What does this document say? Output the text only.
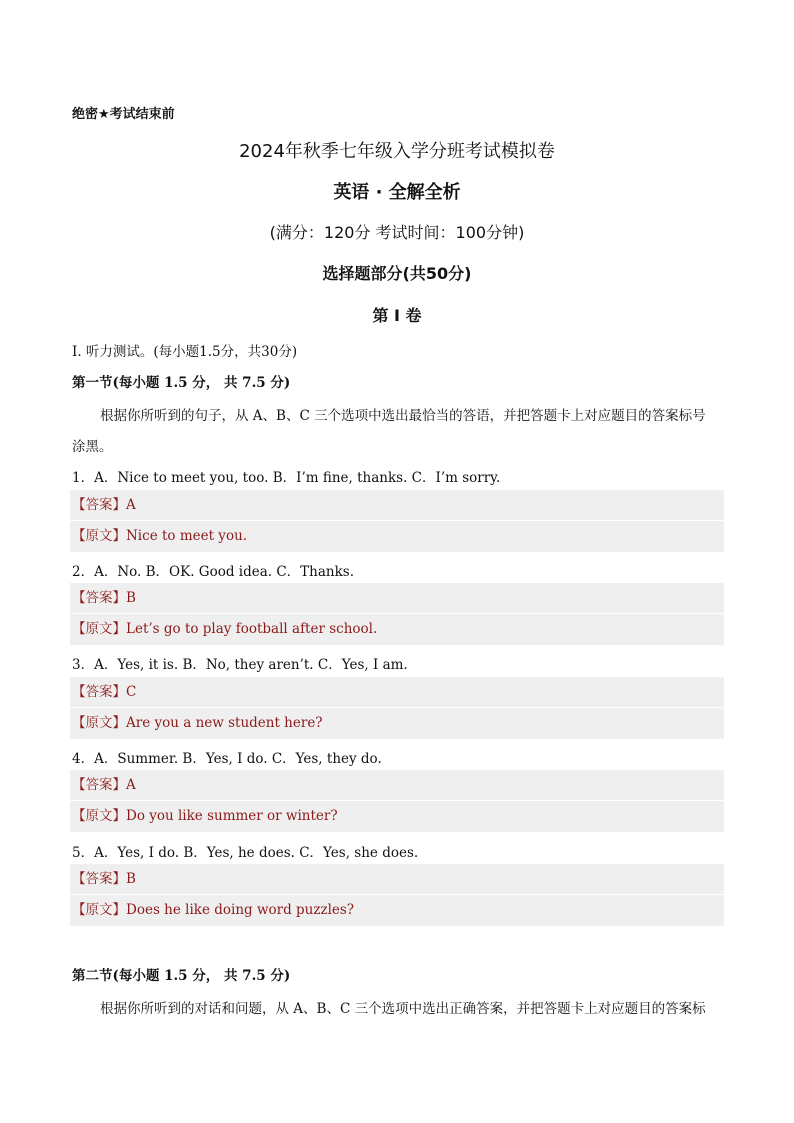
绝密★考试结束前
2024年秋季七年级入学分班考试模拟卷
英语 · 全解全析
(满分：120分 考试时间：100分钟)
选择题部分(共50分)
第 I 卷
Ⅰ. 听力测试。(每小题1.5分，共30分)
第一节(每小题 1.5 分， 共 7.5 分)
根据你所听到的句子，从 A、B、C 三个选项中选出最恰当的答语，并把答题卡上对应题目的答案标号
涂黑。
1．A．Nice to meet you, too. B．I’m fine, thanks. C．I’m sorry.
【答案】A
【原文】Nice to meet you.
2．A．No. B．OK. Good idea. C．Thanks.
【答案】B
【原文】Let’s go to play football after school.
3．A．Yes, it is. B．No, they aren’t. C．Yes, I am.
【答案】C
【原文】Are you a new student here?
4．A．Summer. B．Yes, I do. C．Yes, they do.
【答案】A
【原文】Do you like summer or winter?
5．A．Yes, I do. B．Yes, he does. C．Yes, she does.
【答案】B
【原文】Does he like doing word puzzles?
第二节(每小题 1.5 分， 共 7.5 分)
根据你所听到的对话和问题，从 A、B、C 三个选项中选出正确答案，并把答题卡上对应题目的答案标
